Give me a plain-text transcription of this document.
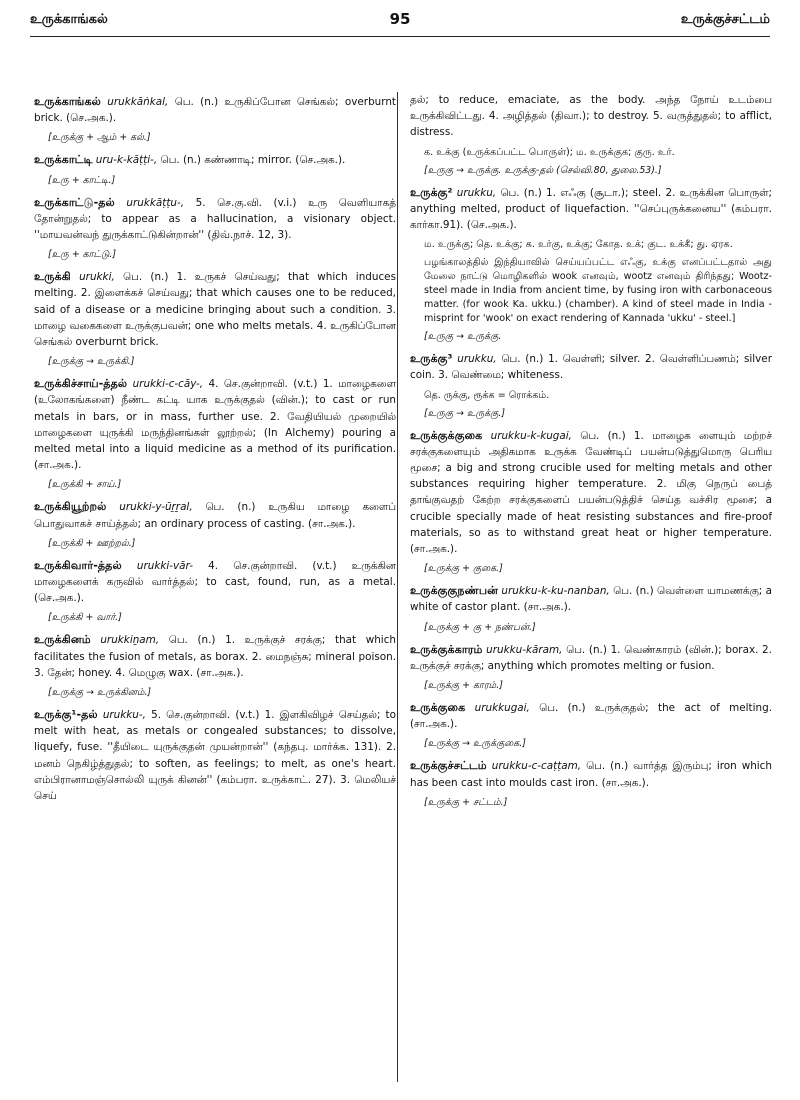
உருக்காங்கல்	95	உருக்குச்சட்டம்
உருக்காங்கல் urukkāṅkal, பெ. (n.) உருகிப்போன செங்கல்; overburnt brick. (செ.அக.).
[உருக்கு + ஆம் + கல்.]
உருக்காட்டி uru-k-kāṭṭi-, பெ. (n.) கண்ணாடி; mirror. (செ.அக.).
[உரு + காட்டி.]
உருக்காட்டு-தல் urukkāṭṭu-, 5. செ.கு.வி. (v.i.) உரு வெளியாகத் தோன்றுதல்; to appear as a hallucination, a visionary object. ''மாயவன்வந் துருக்காட்டுகின்றான்'' (திவ்.நாச். 12, 3).
[உரு + காட்டு.]
உருக்கி urukki, பெ. (n.) 1. உருகச் செய்வது; that which induces melting. 2. இளைக்கச் செய்வது; that which causes one to be reduced, said of a disease or a medicine bringing about such a condition. 3. மாழை வகைகளை உருக்குபவன்; one who melts metals. 4. உருகிப்போன செங்கல் overburnt brick.
[உருக்கு → உருக்கி.]
உருக்கிச்சாய்-த்தல் urukki-c-cāy-, 4. செ.குன்றாவி. (v.t.) 1. மாழைகளை (உலோகங்களை) நீண்ட கட்டி யாக உருக்குதல் (வின்.); to cast or run metals in bars, or in mass, further use. 2. வேதியியல் முறையில் மாழைகளை யுருக்கி மருந்தினங்கள் லூற்றல்; (In Alchemy) pouring a melted metal into a liquid medicine as a method of its purification. (சா.அக.).
[உருக்கி + சாய்.]
உருக்கியூற்றல் urukki-y-ūṟṟal, பெ. (n.) உருகிய மாழை களைப் பொதுவாகச் சாய்த்தல்; an ordinary process of casting. (சா.அக.).
[உருக்கி + ஊற்றல்.]
உருக்கிவார்-த்தல் urukki-vār- 4. செ.குன்றாவி. (v.t.) உருக்கின மாழைகளைக் கருவில் வார்த்தல்; to cast, found, run, as a metal. (செ.அக.).
[உருக்கி + வார்.]
உருக்கினம் urukkiṉam, பெ. (n.) 1. உருக்குச் சரக்கு; that which facilitates the fusion of metals, as borax. 2. மைநஞ்சு; mineral poison. 3. தேன்; honey. 4. மெழுகு wax. (சா.அக.).
[உருக்கு → உருக்கினம்.]
உருக்கு¹-தல் urukku-, 5. செ.குன்றாவி. (v.t.) 1. இளகிவிழச் செய்தல்; to melt with heat, as metals or congealed substances; to dissolve, liquefy, fuse. ''தீயிடை யுருக்குதன் முயன்றான்'' (கந்தபு. மார்க்க. 131). 2. மனம் நெகிழ்த்துதல்; to soften, as feelings; to melt, as one's heart. எம்பிரானாமஞ்சொல்லி யுருக் கினன்'' (கம்பரா. உருக்காட். 27). 3. மெலியச் செய்
தல்; to reduce, emaciate, as the body. அந்த நோய் உடம்பை உருக்கிவிட்டது. 4. அழித்தல் (திவா.); to destroy. 5. வருத்துதல்; to afflict, distress.
க. உக்கு (உருக்கப்பட்ட பொருள்); ம. உருக்குக; குரு. உர்.
[உருகு → உருக்கு. உருக்கு-தல் (செல்வி.80, துலை.53).]
உருக்கு² urukku, பெ. (n.) 1. எஃகு (சூடா.); steel. 2. உருக்கின பொருள்; anything melted, product of liquefaction. ''செப்புருக்கனைய'' (கம்பரா. கார்கா.91). (செ.அக.).
ம. உருக்கு; தெ. உக்கு; க. உர்கு, உக்கு; கோத. உக்; குட. உக்கீ; து. ஏரக.
பழங்காலத்தில் இந்தியாவில் செய்யப்பட்ட எஃகு, உக்கு எனப்பட்டதால் அது மேலை நாட்டு மொழிகளில் wook எனவும், wootz எனவும் திரிந்தது; Wootz-steel made in India from ancient time, by fusing iron with carbonaceous matter. (for wook Ka. ukku.) (chamber). A kind of steel made in India - misprint for 'wook' on exact rendering of Kannada 'ukku' - steel.]
[உருகு → உருக்கு.
உருக்கு³ urukku, பெ. (n.) 1. வெள்ளி; silver. 2. வெள்ளிப்பணம்; silver coin. 3. வெண்மை; whiteness.
தெ. ருக்கு, ரூக்க = ரொக்கம்.
[உருகு → உருக்கு.]
உருக்குக்குகை urukku-k-kugai, பெ. (n.) 1. மாழைக ளையும் மற்றச் சரக்குகளையும் அதிகமாக உருக்க வேண்டிப் பயன்படுத்துமொரு பெரிய மூசை; a big and strong crucible used for melting metals and other substances requiring higher temperature. 2. மிகு நெருப் பைத் தாங்குவதற் கேற்ற சரக்குகளைப் பயன்படுத்திச் செய்த வச்சிர மூசை; a crucible specially made of heat resisting substances and fire-proof materials, so as to withstand great heat or higher temperature. (சா.அக.).
[உருக்கு + குகை.]
உருக்குகுநண்பன் urukku-k-ku-nanban, பெ. (n.) வெள்ளை யாமணக்கு; a white of castor plant. (சா.அக.).
[உருக்கு + கு + நண்பன்.]
உருக்குக்காரம் urukku-kāram, பெ. (n.) 1. வெண்காரம் (வின்.); borax. 2. உருக்குச் சரக்கு; anything which promotes melting or fusion.
[உருக்கு + காரம்.]
உருக்குகை urukkugai, பெ. (n.) உருக்குதல்; the act of melting. (சா.அக.).
[உருக்கு → உருக்குகை.]
உருக்குச்சட்டம் urukku-c-caṭṭam, பெ. (n.) வார்த்த இரும்பு; iron which has been cast into moulds cast iron. (சா.அக.).
[உருக்கு + சட்டம்.]
